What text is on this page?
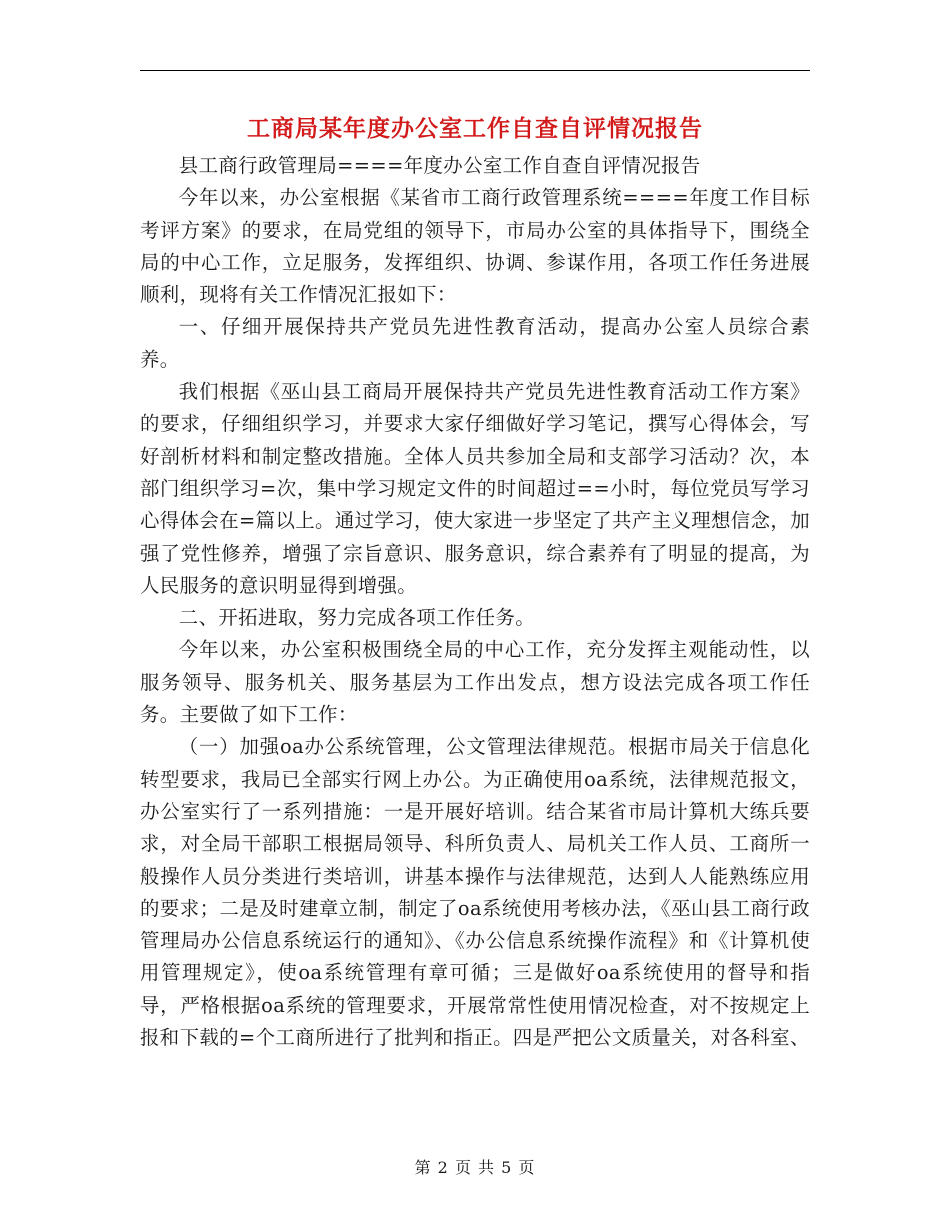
工商局某年度办公室工作自查自评情况报告

县工商行政管理局====年度办公室工作自查自评情况报告

今年以来，办公室根据《某省市工商行政管理系统====年度工作目标考评方案》的要求，在局党组的领导下，市局办公室的具体指导下，围绕全局的中心工作，立足服务，发挥组织、协调、参谋作用，各项工作任务进展顺利，现将有关工作情况汇报如下：

一、仔细开展保持共产党员先进性教育活动，提高办公室人员综合素养。

我们根据《巫山县工商局开展保持共产党员先进性教育活动工作方案》的要求，仔细组织学习，并要求大家仔细做好学习笔记，撰写心得体会，写好剖析材料和制定整改措施。全体人员共参加全局和支部学习活动？次，本部门组织学习=次，集中学习规定文件的时间超过==小时，每位党员写学习心得体会在=篇以上。通过学习，使大家进一步坚定了共产主义理想信念，加强了党性修养，增强了宗旨意识、服务意识，综合素养有了明显的提高，为人民服务的意识明显得到增强。

二、开拓进取，努力完成各项工作任务。

今年以来，办公室积极围绕全局的中心工作，充分发挥主观能动性，以服务领导、服务机关、服务基层为工作出发点，想方设法完成各项工作任务。主要做了如下工作：

（一）加强oa办公系统管理，公文管理法律规范。根据市局关于信息化转型要求，我局已全部实行网上办公。为正确使用oa系统，法律规范报文，办公室实行了一系列措施：一是开展好培训。结合某省市局计算机大练兵要求，对全局干部职工根据局领导、科所负责人、局机关工作人员、工商所一般操作人员分类进行类培训，讲基本操作与法律规范，达到人人能熟练应用的要求；二是及时建章立制，制定了oa系统使用考核办法，《巫山县工商行政管理局办公信息系统运行的通知》、《办公信息系统操作流程》和《计算机使用管理规定》，使oa系统管理有章可循；三是做好oa系统使用的督导和指导，严格根据oa系统的管理要求，开展常常性使用情况检查，对不按规定上报和下载的=个工商所进行了批判和指正。四是严把公文质量关，对各科室、

第 2 页 共 5 页
